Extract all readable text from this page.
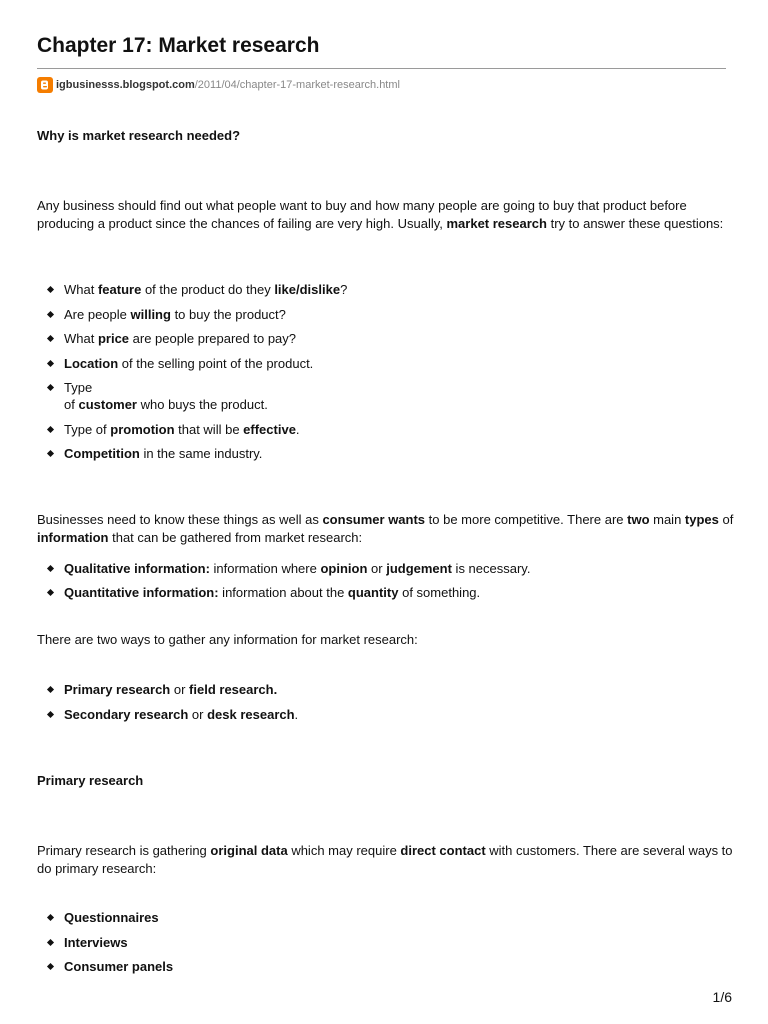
Chapter 17: Market research
igbusinesss.blogspot.com /2011/04/chapter-17-market-research.html

Why is market research needed?

Any business should find out what people want to buy and how many people are going to buy that product before producing a product since the chances of failing are very high. Usually, market research try to answer these questions:

What feature of the product do they like/dislike?
Are people willing to buy the product?
What price are people prepared to pay?
Location of the selling point of the product.
Type
of customer who buys the product.
Type of promotion that will be effective.
Competition in the same industry.

Businesses need to know these things as well as consumer wants to be more competitive. There are two main types of information that can be gathered from market research:

Qualitative information: information where opinion or judgement is necessary.
Quantitative information: information about the quantity of something.

There are two ways to gather any information for market research:

Primary research or field research.
Secondary research or desk research.

Primary research

Primary research is gathering original data which may require direct contact with customers. There are several ways to do primary research:

Questionnaires
Interviews
Consumer panels
1/6
